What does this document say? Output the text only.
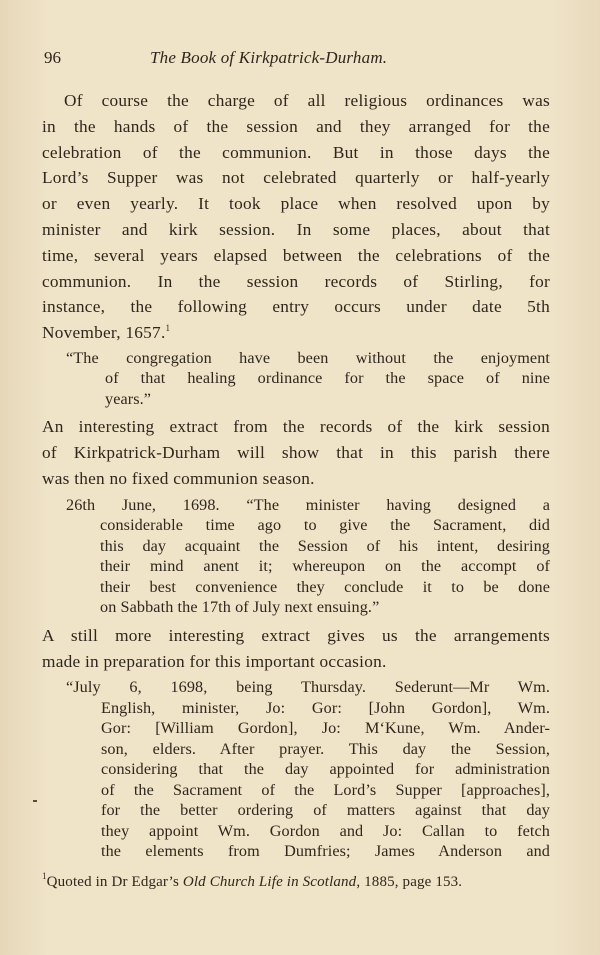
96	The Book of Kirkpatrick-Durham.
Of course the charge of all religious ordinances was
in the hands of the session and they arranged for the
celebration of the communion. But in those days the
Lord’s Supper was not celebrated quarterly or half-yearly
or even yearly. It took place when resolved upon by
minister and kirk session. In some places, about that
time, several years elapsed between the celebrations of the
communion. In the session records of Stirling, for
instance, the following entry occurs under date 5th
November, 1657.$^1$
“The congregation have been without the enjoyment
of that healing ordinance for the space of nine
years.”
An interesting extract from the records of the kirk session
of Kirkpatrick-Durham will show that in this parish there
was then no fixed communion season.
26th June, 1698. “The minister having designed a
considerable time ago to give the Sacrament, did
this day acquaint the Session of his intent, desiring
their mind anent it; whereupon on the accompt of
their best convenience they conclude it to be done
on Sabbath the 17th of July next ensuing.”
A still more interesting extract gives us the arrangements
made in preparation for this important occasion.
“July 6, 1698, being Thursday. Sederunt—Mr Wm.
English, minister, Jo: Gor: [John Gordon], Wm.
Gor: [William Gordon], Jo: M‘Kune, Wm. Ander-
son, elders. After prayer. This day the Session,
considering that the day appointed for administration
of the Sacrament of the Lord’s Supper [approaches],
for the better ordering of matters against that day
they appoint Wm. Gordon and Jo: Callan to fetch
the elements from Dumfries; James Anderson and
$^1$Quoted in Dr Edgar’s Old Church Life in Scotland, 1885, page 153.
